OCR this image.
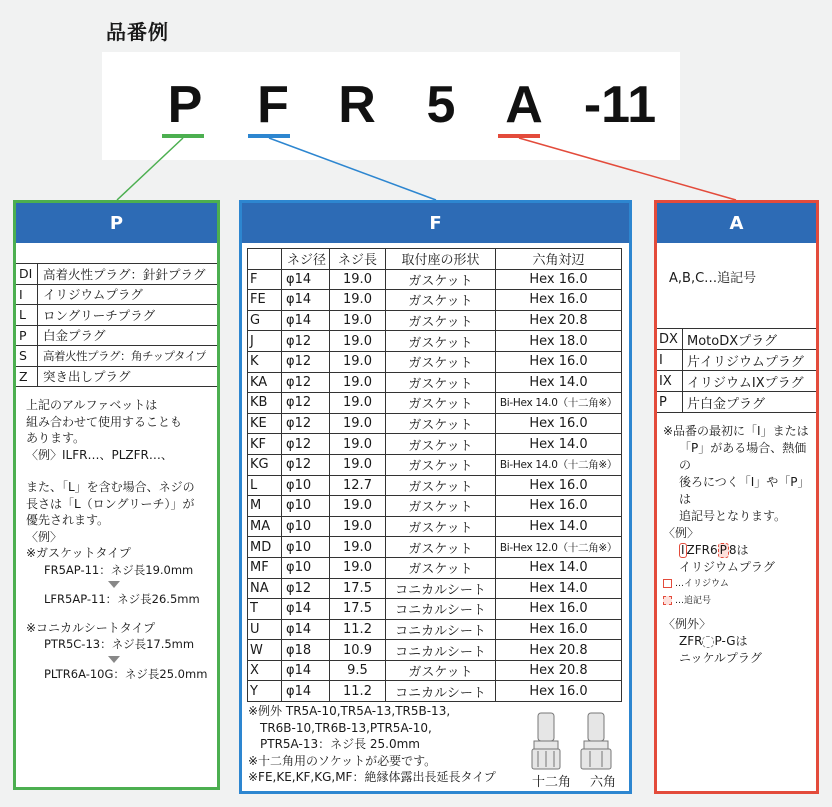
品番例
P F R 5 A -11
P
DI 高着火性プラグ：針針プラグ
I	イリジウムプラグ
L	ロングリーチプラグ
P	白金プラグ
S	高着火性プラグ：角チップタイプ
Z	突き出しプラグ
上記のアルファベットは
組み合わせて使用することも
あります。
〈例〉ILFR…、PLZFR…、
また、「L」を含む場合、ネジの
長さは「L（ロングリーチ）」が
優先されます。
〈例〉
※ガスケットタイプ
FR5AP-11：ネジ長19.0mm
LFR5AP-11：ネジ長26.5mm
※コニカルシートタイプ
PTR5C-13：ネジ長17.5mm
PLTR6A-10G：ネジ長25.0mm
F
	ネジ径	ネジ長	取付座の形状	六角対辺
F	φ14	19.0	ガスケット	Hex 16.0
FE	φ14	19.0	ガスケット	Hex 16.0
G	φ14	19.0	ガスケット	Hex 20.8
J	φ12	19.0	ガスケット	Hex 18.0
K	φ12	19.0	ガスケット	Hex 16.0
KA	φ12	19.0	ガスケット	Hex 14.0
KB	φ12	19.0	ガスケット	Bi-Hex 14.0（十二角※）
KE	φ12	19.0	ガスケット	Hex 16.0
KF	φ12	19.0	ガスケット	Hex 14.0
KG	φ12	19.0	ガスケット	Bi-Hex 14.0（十二角※）
L	φ10	12.7	ガスケット	Hex 16.0
M	φ10	19.0	ガスケット	Hex 16.0
MA	φ10	19.0	ガスケット	Hex 14.0
MD	φ10	19.0	ガスケット	Bi-Hex 12.0（十二角※）
MF	φ10	19.0	ガスケット	Hex 14.0
NA	φ12	17.5	コニカルシート	Hex 14.0
T	φ14	17.5	コニカルシート	Hex 16.0
U	φ14	11.2	コニカルシート	Hex 16.0
W	φ18	10.9	コニカルシート	Hex 20.8
X	φ14	9.5	ガスケット	Hex 20.8
Y	φ14	11.2	コニカルシート	Hex 16.0
※例外 TR5A-10,TR5A-13,TR5B-13,
TR6B-10,TR6B-13,PTR5A-10,
PTR5A-13：ネジ長 25.0mm
※十二角用のソケットが必要です。
※FE,KE,KF,KG,MF：絶縁体露出長延長タイプ	十二角 六角
A
A,B,C…追記号
DX MotoDXプラグ
I	片イリジウムプラグ
IX	イリジウムIXプラグ
P	片白金プラグ
※品番の最初に「I」または
「P」がある場合、熱価の
後ろにつく「I」や「P」は
追記号となります。
〈例〉
I ZFR6 P 8は
イリジウムプラグ
…イリジウム
…追記号
〈例外〉
ZFR P-Gは
ニッケルプラグ
